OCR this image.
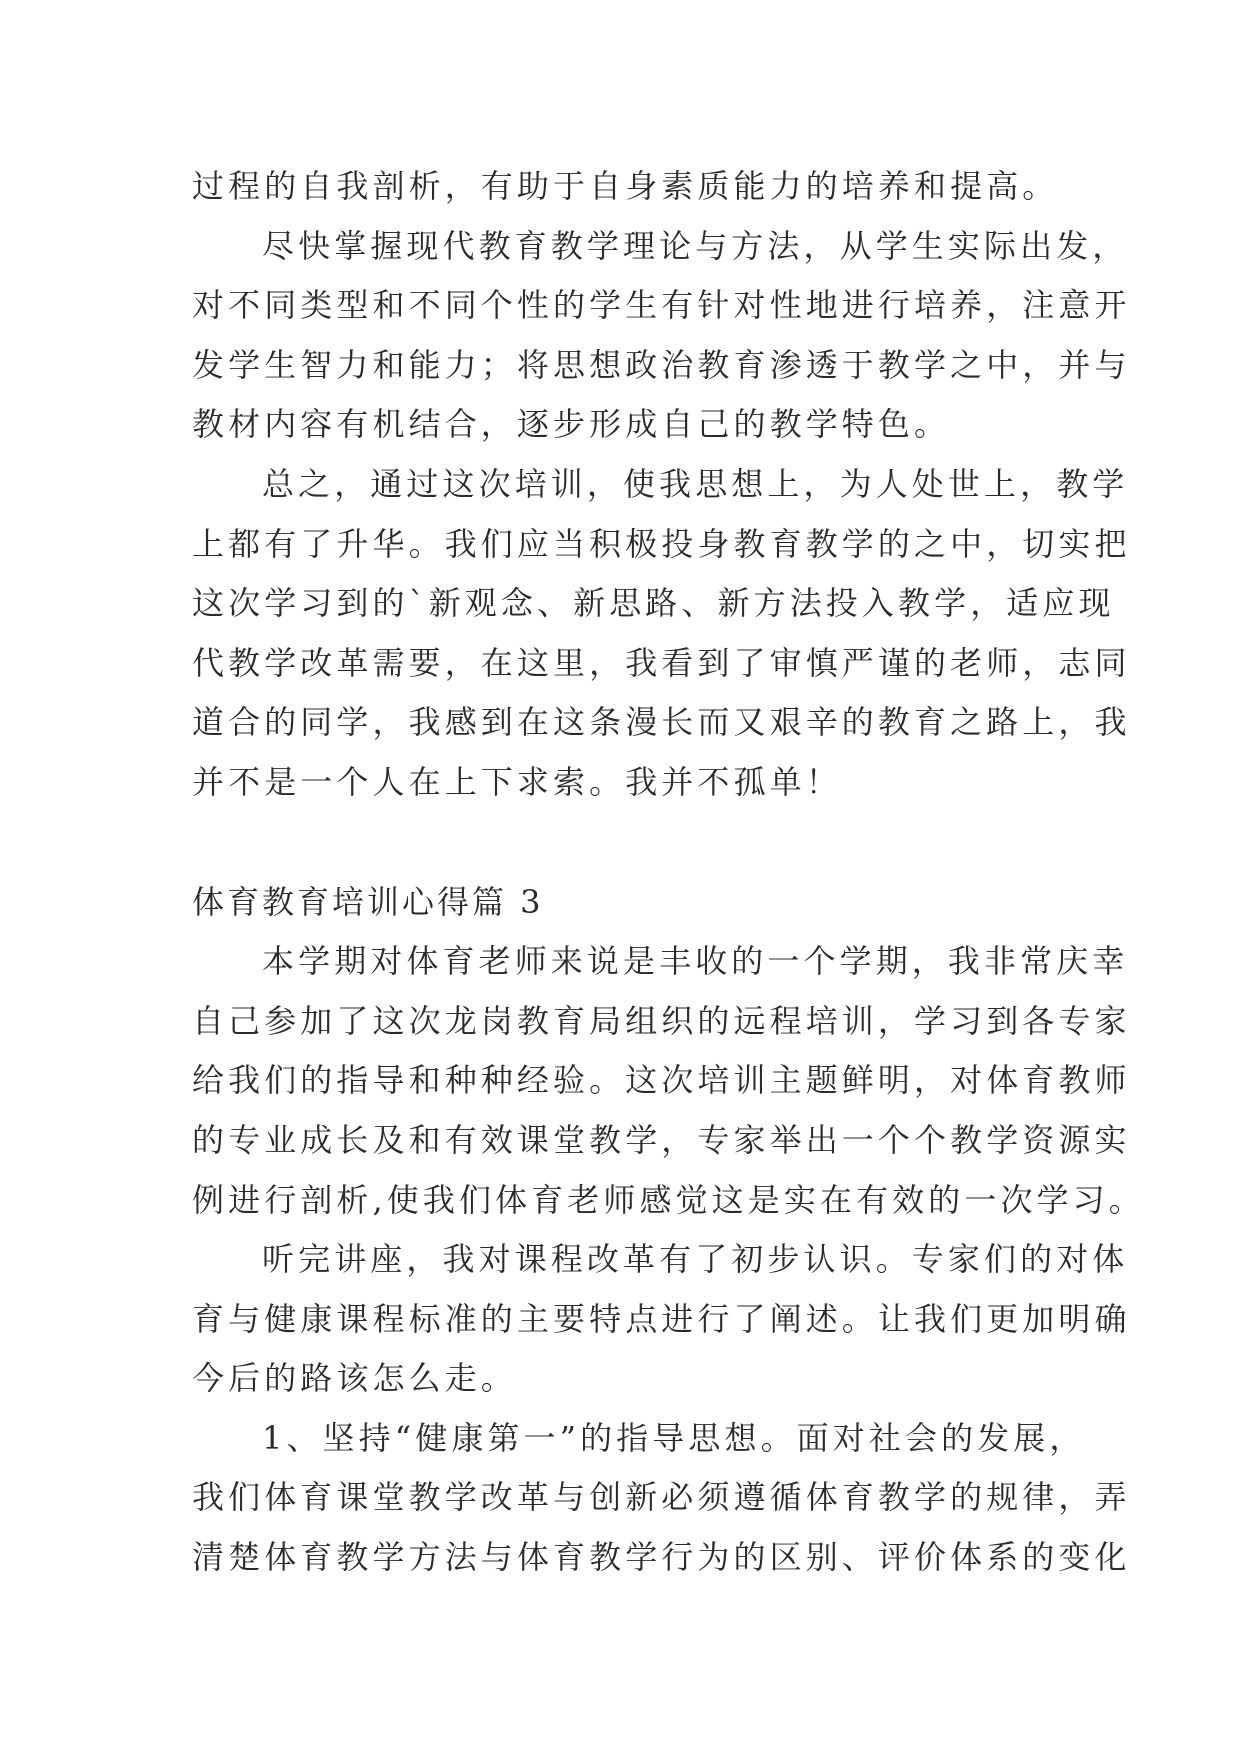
过程的自我剖析，有助于自身素质能力的培养和提高。
尽快掌握现代教育教学理论与方法，从学生实际出发，
对不同类型和不同个性的学生有针对性地进行培养，注意开
发学生智力和能力；将思想政治教育渗透于教学之中，并与
教材内容有机结合，逐步形成自己的教学特色。
总之，通过这次培训，使我思想上，为人处世上，教学
上都有了升华。我们应当积极投身教育教学的之中，切实把
这次学习到的`新观念、新思路、新方法投入教学，适应现
代教学改革需要，在这里，我看到了审慎严谨的老师，志同
道合的同学，我感到在这条漫长而又艰辛的教育之路上，我
并不是一个人在上下求索。我并不孤单！
体育教育培训心得篇 3
本学期对体育老师来说是丰收的一个学期，我非常庆幸
自己参加了这次龙岗教育局组织的远程培训，学习到各专家
给我们的指导和种种经验。这次培训主题鲜明，对体育教师
的专业成长及和有效课堂教学，专家举出一个个教学资源实
例进行剖析,使我们体育老师感觉这是实在有效的一次学习。
听完讲座，我对课程改革有了初步认识。专家们的对体
育与健康课程标准的主要特点进行了阐述。让我们更加明确
今后的路该怎么走。
1、坚持“健康第一”的指导思想。面对社会的发展，
我们体育课堂教学改革与创新必须遵循体育教学的规律，弄
清楚体育教学方法与体育教学行为的区别、评价体系的变化
